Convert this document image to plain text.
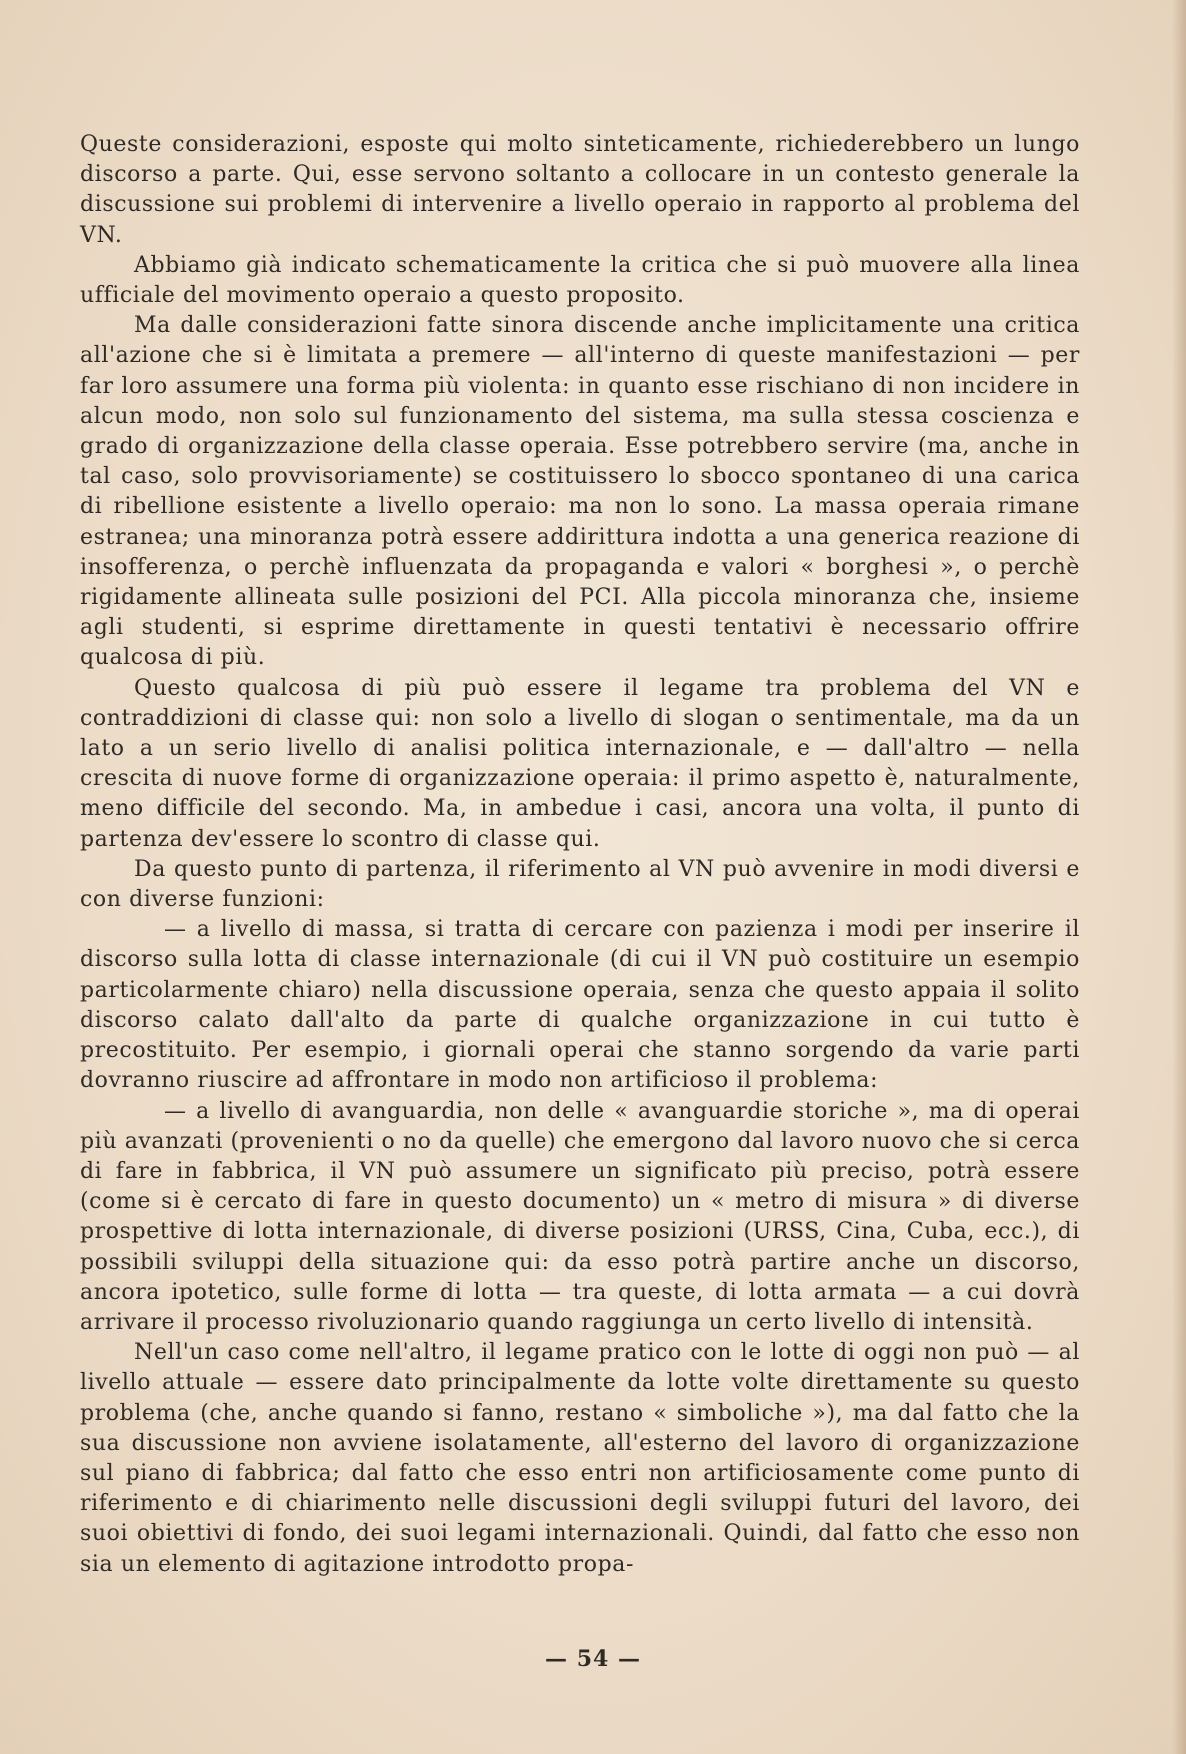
Queste considerazioni, esposte qui molto sinteticamente, richiederebbero un lungo discorso a parte. Qui, esse servono soltanto a collocare in un contesto generale la discussione sui problemi di intervenire a livello operaio in rapporto al problema del VN.

Abbiamo già indicato schematicamente la critica che si può muovere alla linea ufficiale del movimento operaio a questo proposito.

Ma dalle considerazioni fatte sinora discende anche implicitamente una critica all'azione che si è limitata a premere — all'interno di queste manifestazioni — per far loro assumere una forma più violenta: in quanto esse rischiano di non incidere in alcun modo, non solo sul funzionamento del sistema, ma sulla stessa coscienza e grado di organizzazione della classe operaia. Esse potrebbero servire (ma, anche in tal caso, solo provvisoriamente) se costituissero lo sbocco spontaneo di una carica di ribellione esistente a livello operaio: ma non lo sono. La massa operaia rimane estranea; una minoranza potrà essere addirittura indotta a una generica reazione di insofferenza, o perchè influenzata da propaganda e valori « borghesi », o perchè rigidamente allineata sulle posizioni del PCI. Alla piccola minoranza che, insieme agli studenti, si esprime direttamente in questi tentativi è necessario offrire qualcosa di più.

Questo qualcosa di più può essere il legame tra problema del VN e contraddizioni di classe qui: non solo a livello di slogan o sentimentale, ma da un lato a un serio livello di analisi politica internazionale, e — dall'altro — nella crescita di nuove forme di organizzazione operaia: il primo aspetto è, naturalmente, meno difficile del secondo. Ma, in ambedue i casi, ancora una volta, il punto di partenza dev'essere lo scontro di classe qui.

Da questo punto di partenza, il riferimento al VN può avvenire in modi diversi e con diverse funzioni:

— a livello di massa, si tratta di cercare con pazienza i modi per inserire il discorso sulla lotta di classe internazionale (di cui il VN può costituire un esempio particolarmente chiaro) nella discussione operaia, senza che questo appaia il solito discorso calato dall'alto da parte di qualche organizzazione in cui tutto è precostituito. Per esempio, i giornali operai che stanno sorgendo da varie parti dovranno riuscire ad affrontare in modo non artificioso il problema:

— a livello di avanguardia, non delle « avanguardie storiche », ma di operai più avanzati (provenienti o no da quelle) che emergono dal lavoro nuovo che si cerca di fare in fabbrica, il VN può assumere un significato più preciso, potrà essere (come si è cercato di fare in questo documento) un « metro di misura » di diverse prospettive di lotta internazionale, di diverse posizioni (URSS, Cina, Cuba, ecc.), di possibili sviluppi della situazione qui: da esso potrà partire anche un discorso, ancora ipotetico, sulle forme di lotta — tra queste, di lotta armata — a cui dovrà arrivare il processo rivoluzionario quando raggiunga un certo livello di intensità.

Nell'un caso come nell'altro, il legame pratico con le lotte di oggi non può — al livello attuale — essere dato principalmente da lotte volte direttamente su questo problema (che, anche quando si fanno, restano « simboliche »), ma dal fatto che la sua discussione non avviene isolatamente, all'esterno del lavoro di organizzazione sul piano di fabbrica; dal fatto che esso entri non artificiosamente come punto di riferimento e di chiarimento nelle discussioni degli sviluppi futuri del lavoro, dei suoi obiettivi di fondo, dei suoi legami internazionali. Quindi, dal fatto che esso non sia un elemento di agitazione introdotto propa-

— 54 —
